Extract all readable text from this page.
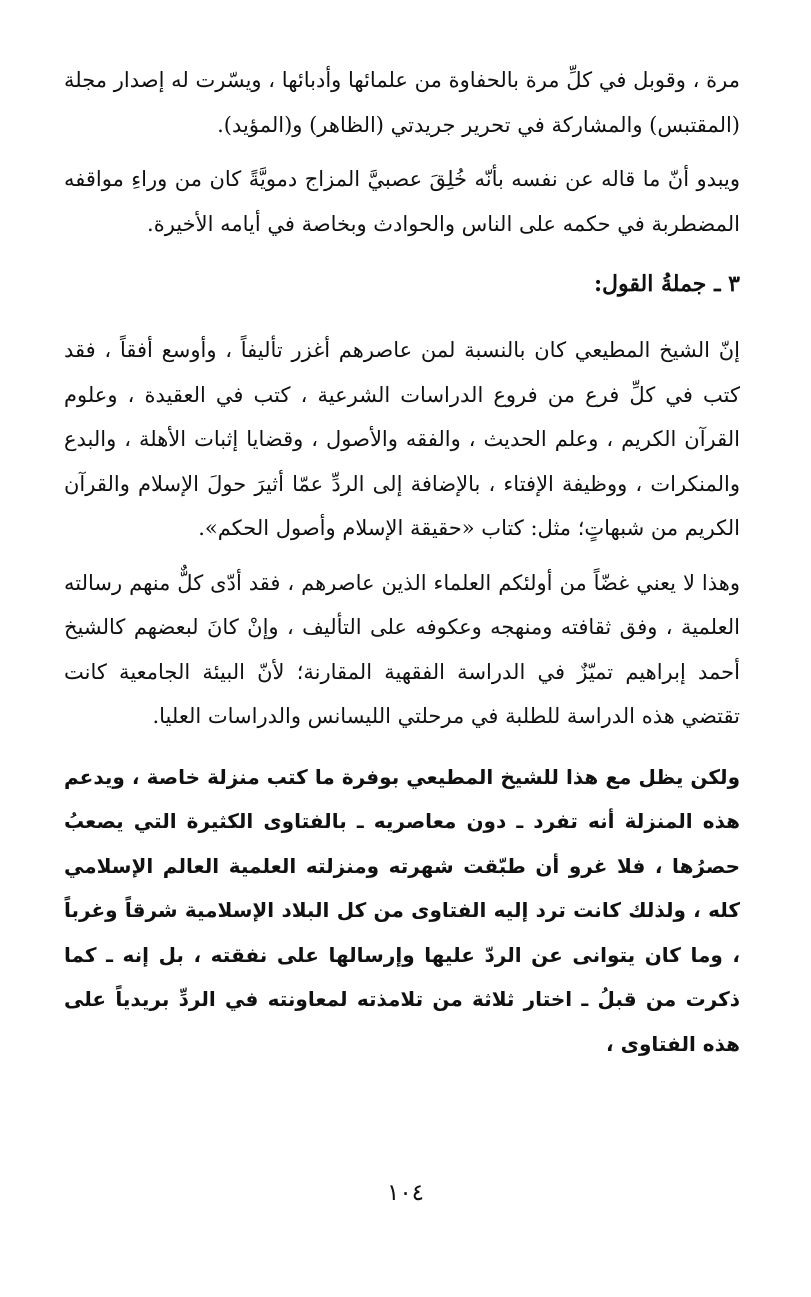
مرة ، وقوبل في كلِّ مرة بالحفاوة من علمائها وأدبائها ، ويسّرت له إصدار مجلة (المقتبس) والمشاركة في تحرير جريدتي (الظاهر) و(المؤيد).

ويبدو أنّ ما قاله عن نفسه بأنّه خُلِقَ عصبيَّ المزاج دمويَّةً كان من وراءِ مواقفه المضطربة في حكمه على الناس والحوادث وبخاصة في أيامه الأخيرة.

٣ ـ جملةُ القول:

إنّ الشيخ المطيعي كان بالنسبة لمن عاصرهم أغزر تأليفاً ، وأوسع أفقاً ، فقد كتب في كلِّ فرع من فروع الدراسات الشرعية ، كتب في العقيدة ، وعلوم القرآن الكريم ، وعلم الحديث ، والفقه والأصول ، وقضايا إثبات الأهلة ، والبدع والمنكرات ، ووظيفة الإفتاء ، بالإضافة إلى الردِّ عمّا أثيرَ حولَ الإسلام والقرآن الكريم من شبهاتٍ؛ مثل: كتاب «حقيقة الإسلام وأصول الحكم».

وهذا لا يعني غضّاً من أولئكم العلماء الذين عاصرهم ، فقد أدّى كلٌّ منهم رسالته العلمية ، وفق ثقافته ومنهجه وعكوفه على التأليف ، وإنْ كانَ لبعضهم كالشيخ أحمد إبراهيم تميّزٌ في الدراسة الفقهية المقارنة؛ لأنّ البيئة الجامعية كانت تقتضي هذه الدراسة للطلبة في مرحلتي الليسانس والدراسات العليا.

ولكن يظل مع هذا للشيخ المطيعي بوفرة ما كتب منزلة خاصة ، ويدعم هذه المنزلة أنه تفرد ـ دون معاصريه ـ بالفتاوى الكثيرة التي يصعبُ حصرُها ، فلا غرو أن طبّقت شهرته ومنزلته العلمية العالم الإسلامي كله ، ولذلك كانت ترد إليه الفتاوى من كل البلاد الإسلامية شرقاً وغرباً ، وما كان يتوانى عن الردّ عليها وإرسالها على نفقته ، بل إنه ـ كما ذكرت من قبلُ ـ اختار ثلاثة من تلامذته لمعاونته في الردِّ بريدياً على هذه الفتاوى ،

١٠٤
